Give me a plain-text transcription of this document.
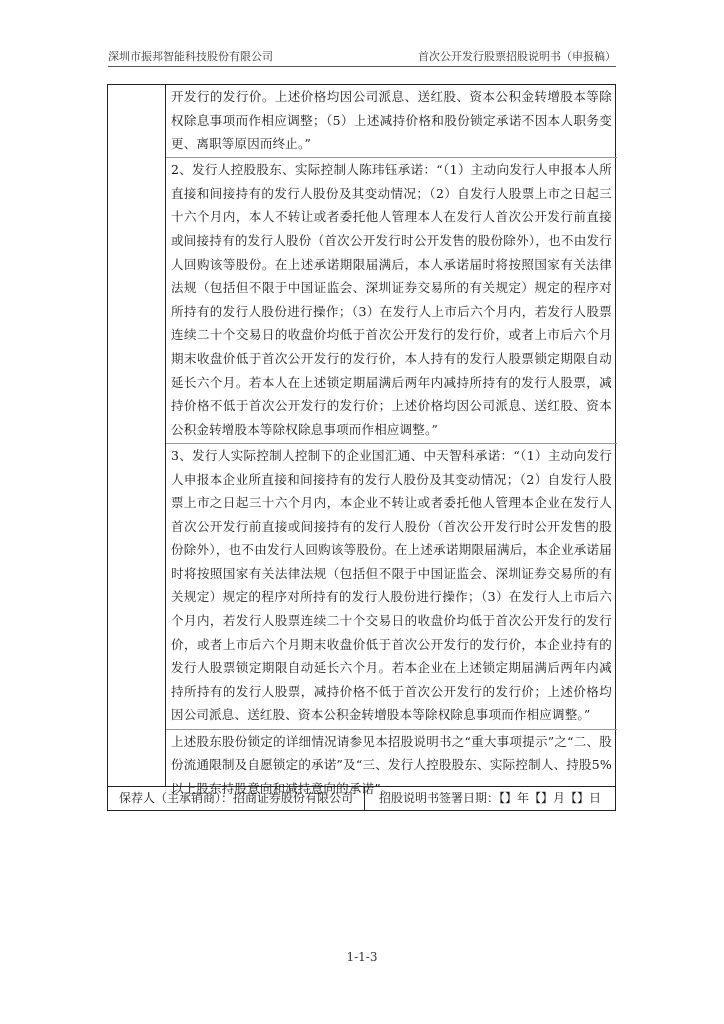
深圳市振邦智能科技股份有限公司	首次公开发行股票招股说明书（申报稿）

开发行的发行价。上述价格均因公司派息、送红股、资本公积金转增股本等除权除息事项而作相应调整；（5）上述减持价格和股份锁定承诺不因本人职务变更、离职等原因而终止。”

2、发行人控股股东、实际控制人陈玮钰承诺：“（1）主动向发行人申报本人所直接和间接持有的发行人股份及其变动情况；（2）自发行人股票上市之日起三十六个月内，本人不转让或者委托他人管理本人在发行人首次公开发行前直接或间接持有的发行人股份（首次公开发行时公开发售的股份除外），也不由发行人回购该等股份。在上述承诺期限届满后，本人承诺届时将按照国家有关法律法规（包括但不限于中国证监会、深圳证券交易所的有关规定）规定的程序对所持有的发行人股份进行操作；（3）在发行人上市后六个月内，若发行人股票连续二十个交易日的收盘价均低于首次公开发行的发行价，或者上市后六个月期末收盘价低于首次公开发行的发行价，本人持有的发行人股票锁定期限自动延长六个月。若本人在上述锁定期届满后两年内减持所持有的发行人股票，减持价格不低于首次公开发行的发行价；上述价格均因公司派息、送红股、资本公积金转增股本等除权除息事项而作相应调整。”

3、发行人实际控制人控制下的企业国汇通、中天智科承诺：“（1）主动向发行人申报本企业所直接和间接持有的发行人股份及其变动情况；（2）自发行人股票上市之日起三十六个月内，本企业不转让或者委托他人管理本企业在发行人首次公开发行前直接或间接持有的发行人股份（首次公开发行时公开发售的股份除外），也不由发行人回购该等股份。在上述承诺期限届满后，本企业承诺届时将按照国家有关法律法规（包括但不限于中国证监会、深圳证券交易所的有关规定）规定的程序对所持有的发行人股份进行操作；（3）在发行人上市后六个月内，若发行人股票连续二十个交易日的收盘价均低于首次公开发行的发行价，或者上市后六个月期末收盘价低于首次公开发行的发行价，本企业持有的发行人股票锁定期限自动延长六个月。若本企业在上述锁定期届满后两年内减持所持有的发行人股票，减持价格不低于首次公开发行的发行价；上述价格均因公司派息、送红股、资本公积金转增股本等除权除息事项而作相应调整。”

上述股东股份锁定的详细情况请参见本招股说明书之“重大事项提示”之“二、股份流通限制及自愿锁定的承诺”及“三、发行人控股股东、实际控制人、持股5%以上股东持股意向和减持意向的承诺”。

保荐人（主承销商）：招商证券股份有限公司	招股说明书签署日期：【】年【】月【】日
1-1-3
